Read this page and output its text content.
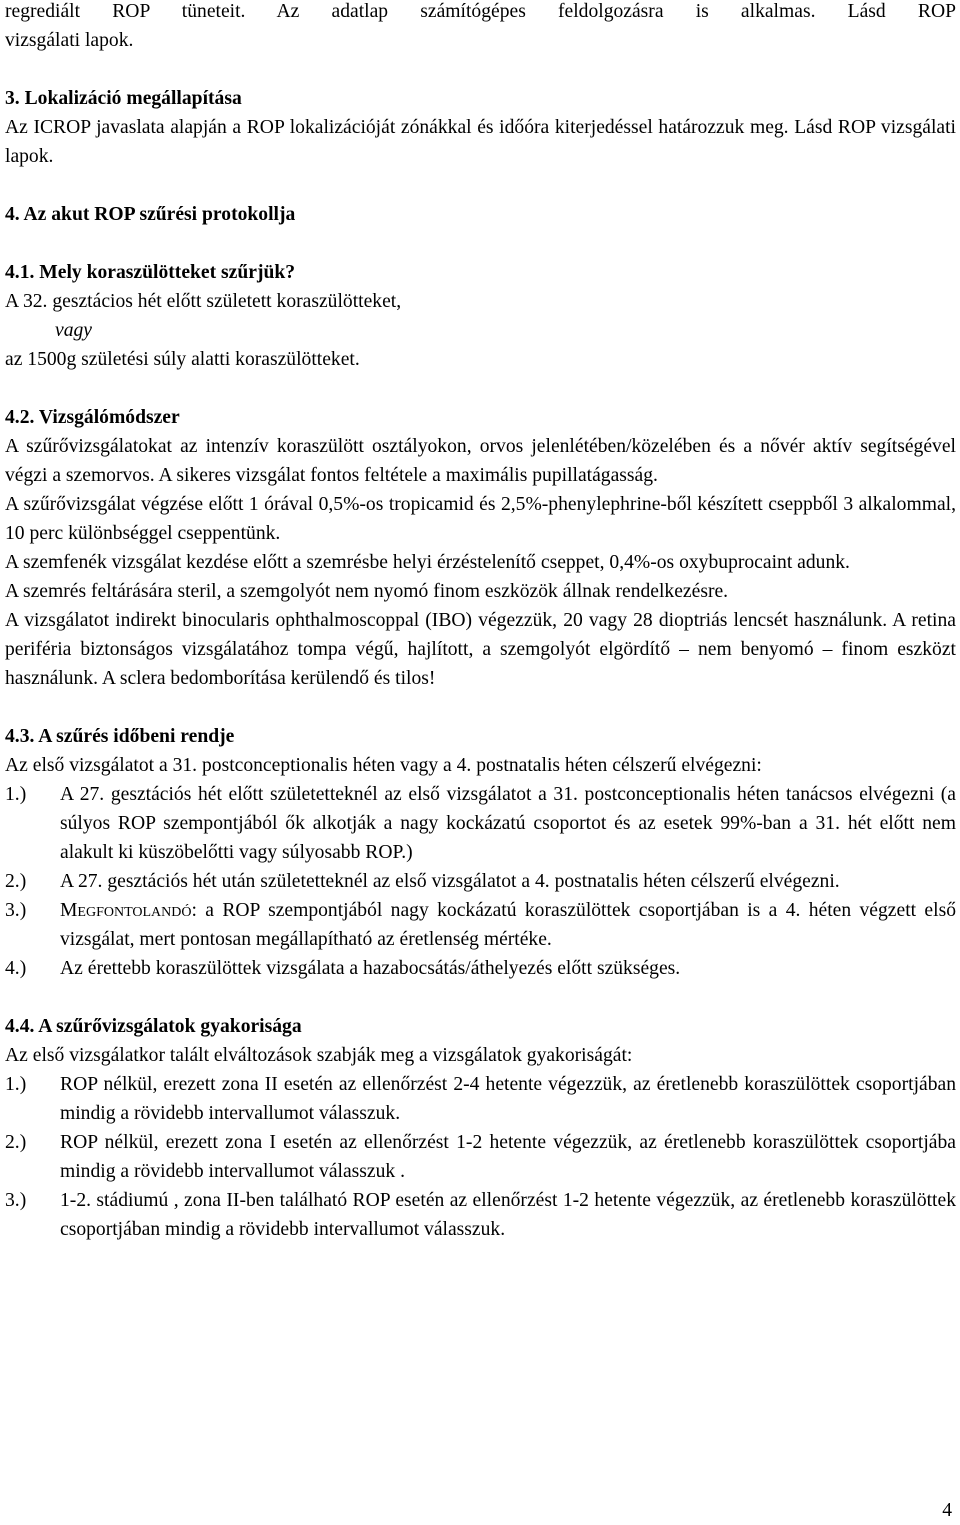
regrediált ROP tüneteit. Az adatlap számítógépes feldolgozásra is alkalmas. Lásd ROP

vizsgálati lapok.

3. Lokalizáció megállapítása

Az ICROP javaslata alapján a ROP lokalizációját zónákkal és időóra kiterjedéssel határozzuk meg. Lásd ROP vizsgálati lapok.

4. Az akut ROP szűrési protokollja

4.1. Mely koraszülötteket szűrjük?

A 32. gesztácios hét előtt született koraszülötteket,

vagy

az 1500g születési súly alatti koraszülötteket.

4.2. Vizsgálómódszer

A szűrővizsgálatokat az intenzív koraszülött osztályokon, orvos jelenlétében/közelében és a nővér aktív segítségével végzi a szemorvos. A sikeres vizsgálat fontos feltétele a maximális pupillatágasság.

A szűrővizsgálat végzése előtt 1 órával 0,5%-os tropicamid és 2,5%-phenylephrine-ből készített cseppből 3 alkalommal, 10 perc különbséggel cseppentünk.

A szemfenék vizsgálat kezdése előtt a szemrésbe helyi érzéstelenítő cseppet, 0,4%-os oxybuprocaint adunk.

A szemrés feltárására steril, a szemgolyót nem nyomó finom eszközök állnak rendelkezésre.

A vizsgálatot indirekt binocularis ophthalmoscoppal (IBO) végezzük, 20 vagy 28 dioptriás lencsét használunk. A retina periféria biztonságos vizsgálatához tompa végű, hajlított, a szemgolyót elgördítő – nem benyomó – finom eszközt használunk. A sclera bedomborítása kerülendő és tilos!

4.3. A szűrés időbeni rendje

Az első vizsgálatot a 31. postconceptionalis héten vagy a 4. postnatalis héten célszerű elvégezni:

1.)	A 27. gesztációs hét előtt születetteknél az első vizsgálatot a 31. postconceptionalis héten tanácsos elvégezni (a súlyos ROP szempontjából ők alkotják a nagy kockázatú csoportot és az esetek 99%-ban a 31. hét előtt nem alakult ki küszöbelőtti vagy súlyosabb ROP.)
2.)	A 27. gesztációs hét után születetteknél az első vizsgálatot a 4. postnatalis héten célszerű elvégezni.
3.)	Megfontolandó: a ROP szempontjából nagy kockázatú koraszülöttek csoportjában is a 4. héten végzett első vizsgálat, mert pontosan megállapítható az éretlenség mértéke.
4.)	Az érettebb koraszülöttek vizsgálata a hazabocsátás/áthelyezés előtt szükséges.

4.4. A szűrővizsgálatok gyakorisága

Az első vizsgálatkor talált elváltozások szabják meg a vizsgálatok gyakoriságát:

1.)	ROP nélkül, erezett zona II esetén az ellenőrzést 2-4 hetente végezzük, az éretlenebb koraszülöttek csoportjában mindig a rövidebb intervallumot válasszuk.
2.)	ROP nélkül, erezett zona I esetén az ellenőrzést 1-2 hetente végezzük, az éretlenebb koraszülöttek csoportjába mindig a rövidebb intervallumot válasszuk .
3.)	1-2. stádiumú , zona II-ben található ROP esetén az ellenőrzést 1-2 hetente végezzük, az éretlenebb koraszülöttek csoportjában mindig a rövidebb intervallumot válasszuk.
4
